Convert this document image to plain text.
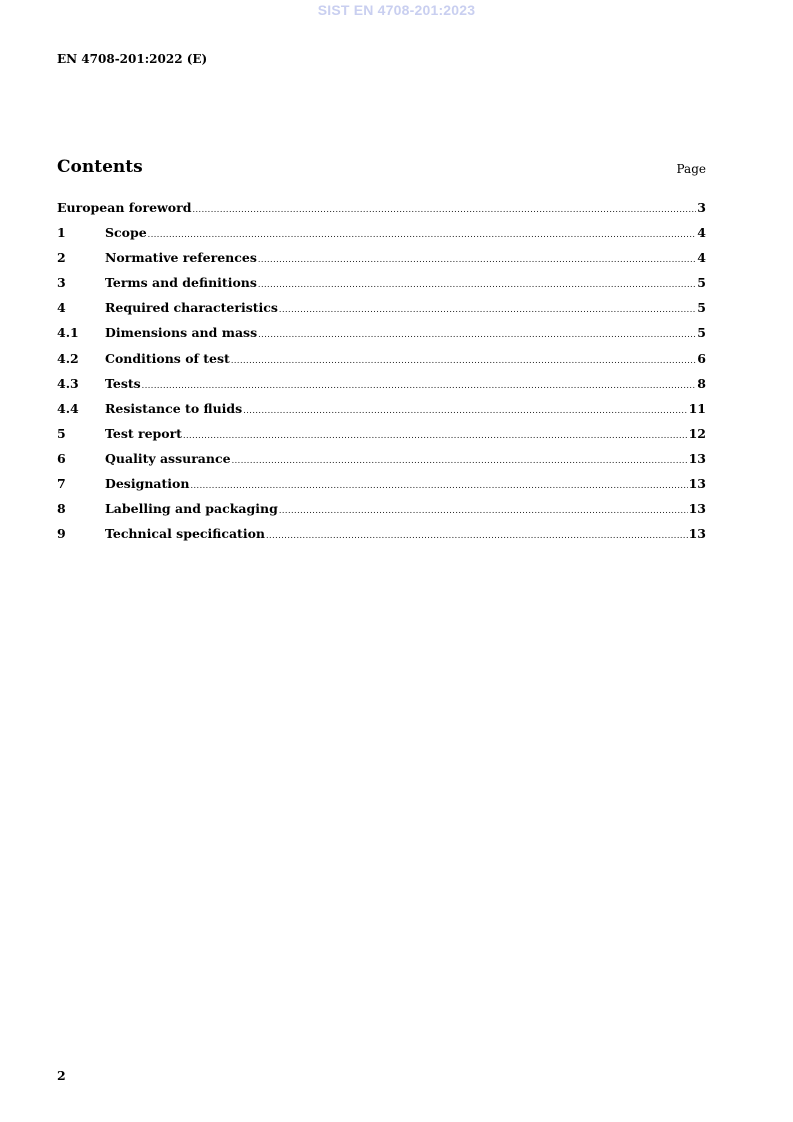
SIST EN 4708-201:2023
EN 4708-201:2022 (E)
Contents	Page
European foreword .....	3
1	Scope .....	4
2	Normative references .....	4
3	Terms and definitions .....	5
4	Required characteristics .....	5
4.1	Dimensions and mass .....	5
4.2	Conditions of test .....	6
4.3	Tests .....	8
4.4	Resistance to fluids .....	11
5	Test report .....	12
6	Quality assurance .....	13
7	Designation .....	13
8	Labelling and packaging .....	13
9	Technical specification .....	13
2
